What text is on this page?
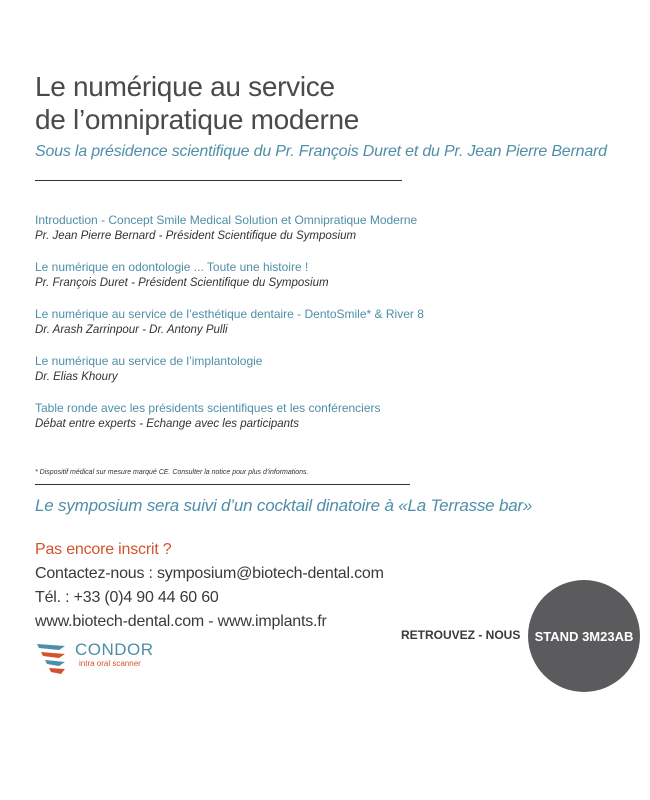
Le numérique au service
de l’omnipratique moderne
Sous la présidence scientifique du Pr. François Duret et du Pr. Jean Pierre Bernard
Introduction - Concept Smile Medical Solution et Omnipratique Moderne
Pr. Jean Pierre Bernard - Président Scientifique du Symposium
Le numérique en odontologie ... Toute une histoire !
Pr. François Duret - Président Scientifique du Symposium
Le numérique au service de l’esthétique dentaire - DentoSmile* & River 8
Dr. Arash Zarrinpour - Dr. Antony Pulli
Le numérique au service de l’implantologie
Dr. Elias Khoury
Table ronde avec les présidents scientifiques et les conférenciers
Débat entre experts - Echange avec les participants
* Dispositif médical sur mesure marqué CE. Consulter la notice pour plus d’informations.
Le symposium sera suivi d’un cocktail dinatoire à «La Terrasse bar»
Pas encore inscrit ?
Contactez-nous : symposium@biotech-dental.com
Tél. : +33 (0)4 90 44 60 60
www.biotech-dental.com - www.implants.fr
CONDOR
intra oral scanner
RETROUVEZ - NOUS STAND 3M23AB
